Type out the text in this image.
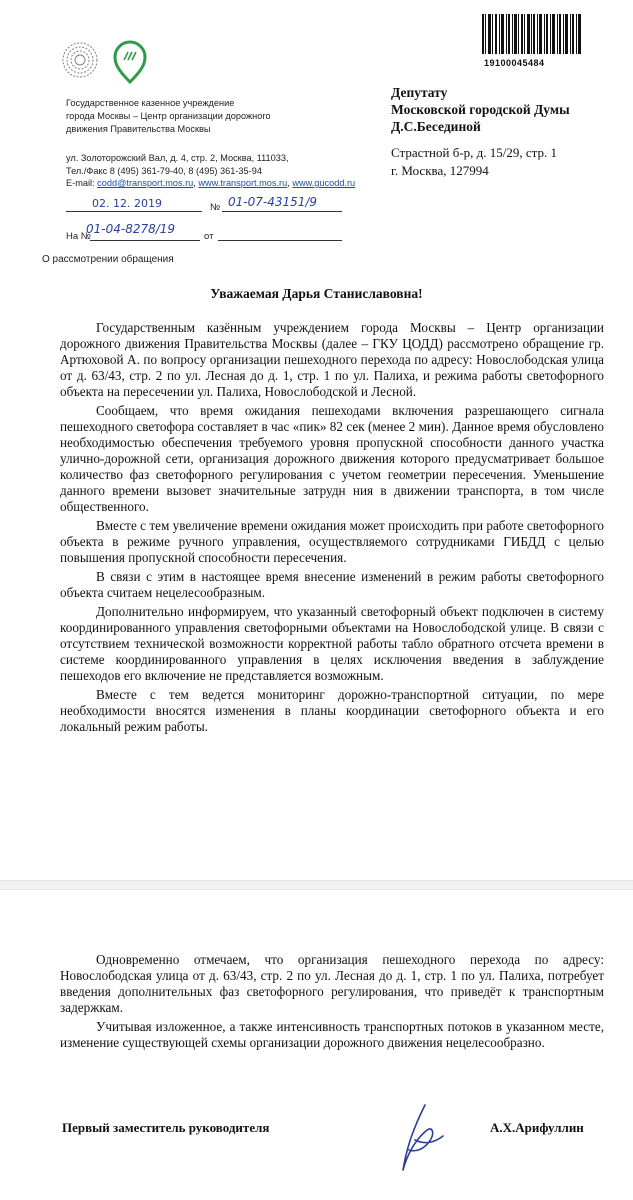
Государственное казенное учреждение
города Москвы – Центр организации дорожного
движения Правительства Москвы
ул. Золоторожский Вал, д. 4, стр. 2, Москва, 111033,
Тел./Факс 8 (495) 361-79-40, 8 (495) 361-35-94
E-mail: codd@transport.mos.ru, www.transport.mos.ru, www.gucodd.ru
02. 12. 2019	№ 01-07-43151/9
На №
01-04-8278/19
от
О рассмотрении обращения
19100045484
Депутату
Московской городской Думы
Д.С.Бесединой
Страстной б-р, д. 15/29, стр. 1
г. Москва, 127994
Уважаемая Дарья Станиславовна!

Государственным казённым учреждением города Москвы – Центр организации дорожного движения Правительства Москвы (далее – ГКУ ЦОДД) рассмотрено обращение гр. Артюховой А. по вопросу организации пешеходного перехода по адресу: Новослободская улица от д. 63/43, стр. 2 по ул. Лесная до д. 1, стр. 1 по ул. Палиха, и режима работы светофорного объекта на пересечении ул. Палиха, Новослободской и Лесной.

Сообщаем, что время ожидания пешеходами включения разрешающего сигнала пешеходного светофора составляет в час «пик» 82 сек (менее 2 мин). Данное время обусловлено необходимостью обеспечения требуемого уровня пропускной способности данного участка улично-дорожной сети, организация дорожного движения которого предусматривает большое количество фаз светофорного регулирования с учетом геометрии пересечения. Уменьшение данного времени вызовет значительные затрудн ния в движении транспорта, в том числе общественного.

Вместе с тем увеличение времени ожидания может происходить при работе светофорного объекта в режиме ручного управления, осуществляемого сотрудниками ГИБДД с целью повышения пропускной способности пересечения.

В связи с этим в настоящее время внесение изменений в режим работы светофорного объекта считаем нецелесообразным.

Дополнительно информируем, что указанный светофорный объект подключен в систему координированного управления светофорными объектами на Новослободской улице. В связи с отсутствием технической возможности корректной работы табло обратного отсчета времени в системе координированного управления в целях исключения введения в заблуждение пешеходов его включение не представляется возможным.

Вместе с тем ведется мониторинг дорожно-транспортной ситуации, по мере необходимости вносятся изменения в планы координации светофорного объекта и его локальный режим работы.

Одновременно отмечаем, что организация пешеходного перехода по адресу: Новослободская улица от д. 63/43, стр. 2 по ул. Лесная до д. 1, стр. 1 по ул. Палиха, потребует введения дополнительных фаз светофорного регулирования, что приведёт к транспортным задержкам.

Учитывая изложенное, а также интенсивность транспортных потоков в указанном месте, изменение существующей схемы организации дорожного движения нецелесообразно.

Первый заместитель руководителя	А.Х.Арифуллин
